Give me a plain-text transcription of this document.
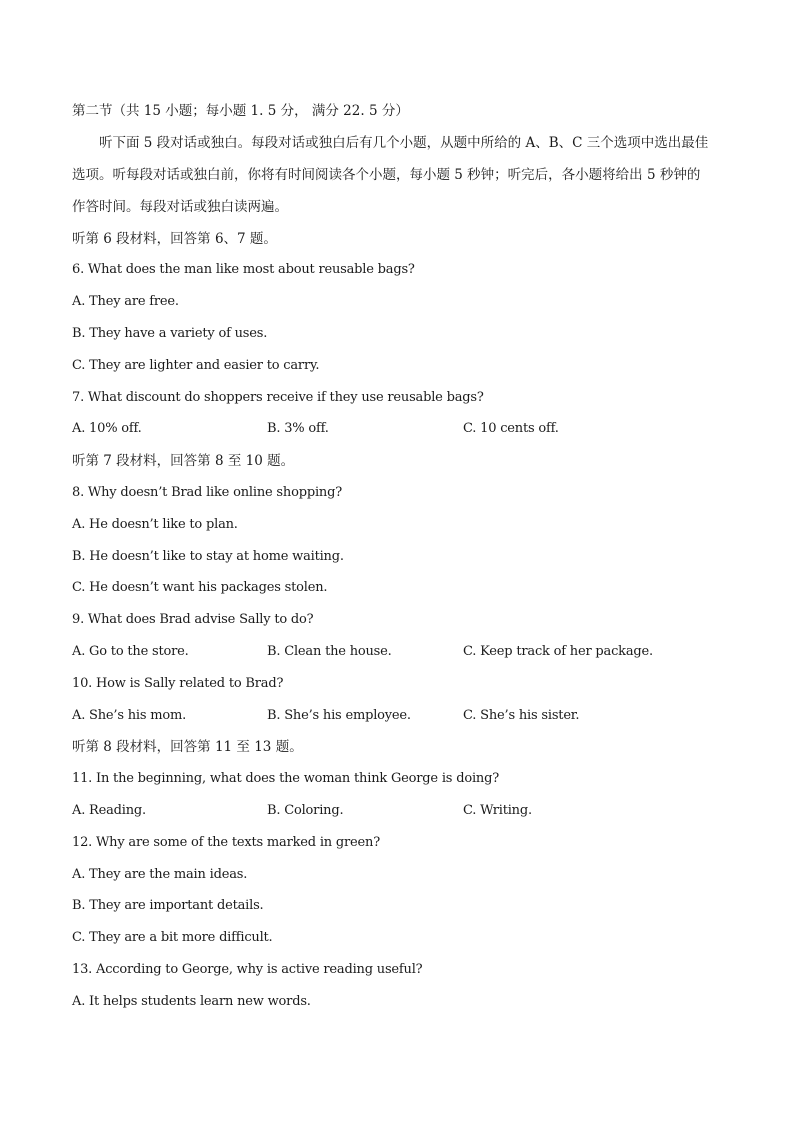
第二节（共 15 小题；每小题 1. 5 分， 满分 22. 5 分）
听下面 5 段对话或独白。每段对话或独白后有几个小题，从题中所给的 A、B、C 三个选项中选出最佳
选项。听每段对话或独白前，你将有时间阅读各个小题，每小题 5 秒钟；听完后，各小题将给出 5 秒钟的
作答时间。每段对话或独白读两遍。
听第 6 段材料，回答第 6、7 题。
6. What does the man like most about reusable bags?
A. They are free.
B. They have a variety of uses.
C. They are lighter and easier to carry.
7. What discount do shoppers receive if they use reusable bags?
A. 10% off.	B. 3% off.	C. 10 cents off.
听第 7 段材料，回答第 8 至 10 题。
8. Why doesn’t Brad like online shopping?
A. He doesn’t like to plan.
B. He doesn’t like to stay at home waiting.
C. He doesn’t want his packages stolen.
9. What does Brad advise Sally to do?
A. Go to the store.	B. Clean the house.	C. Keep track of her package.
10. How is Sally related to Brad?
A. She’s his mom.	B. She’s his employee.	C. She’s his sister.
听第 8 段材料，回答第 11 至 13 题。
11. In the beginning, what does the woman think George is doing?
A. Reading.	B. Coloring.	C. Writing.
12. Why are some of the texts marked in green?
A. They are the main ideas.
B. They are important details.
C. They are a bit more difficult.
13. According to George, why is active reading useful?
A. It helps students learn new words.
